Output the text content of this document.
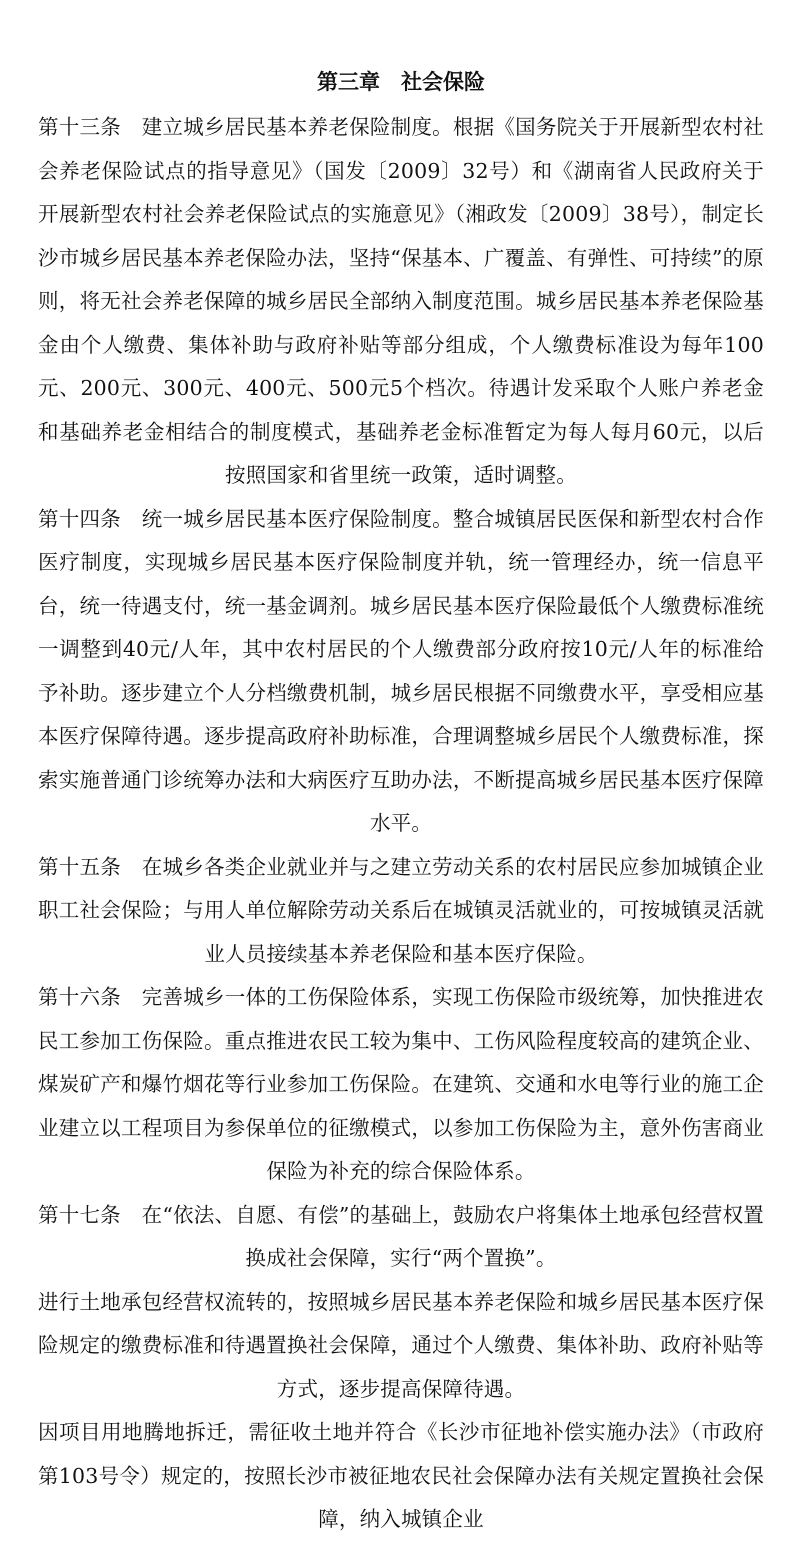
第三章　社会保险

第十三条　建立城乡居民基本养老保险制度。根据《国务院关于开展新型农村社会养老保险试点的指导意见》（国发〔2009〕32号）和《湖南省人民政府关于开展新型农村社会养老保险试点的实施意见》（湘政发〔2009〕38号），制定长沙市城乡居民基本养老保险办法，坚持“保基本、广覆盖、有弹性、可持续”的原则，将无社会养老保障的城乡居民全部纳入制度范围。城乡居民基本养老保险基金由个人缴费、集体补助与政府补贴等部分组成，个人缴费标准设为每年100元、200元、300元、400元、500元5个档次。待遇计发采取个人账户养老金和基础养老金相结合的制度模式，基础养老金标准暂定为每人每月60元，以后按照国家和省里统一政策，适时调整。

第十四条　统一城乡居民基本医疗保险制度。整合城镇居民医保和新型农村合作医疗制度，实现城乡居民基本医疗保险制度并轨，统一管理经办，统一信息平台，统一待遇支付，统一基金调剂。城乡居民基本医疗保险最低个人缴费标准统一调整到40元/人年，其中农村居民的个人缴费部分政府按10元/人年的标准给予补助。逐步建立个人分档缴费机制，城乡居民根据不同缴费水平，享受相应基本医疗保障待遇。逐步提高政府补助标准，合理调整城乡居民个人缴费标准，探索实施普通门诊统筹办法和大病医疗互助办法，不断提高城乡居民基本医疗保障水平。

第十五条　在城乡各类企业就业并与之建立劳动关系的农村居民应参加城镇企业职工社会保险；与用人单位解除劳动关系后在城镇灵活就业的，可按城镇灵活就业人员接续基本养老保险和基本医疗保险。

第十六条　完善城乡一体的工伤保险体系，实现工伤保险市级统筹，加快推进农民工参加工伤保险。重点推进农民工较为集中、工伤风险程度较高的建筑企业、煤炭矿产和爆竹烟花等行业参加工伤保险。在建筑、交通和水电等行业的施工企业建立以工程项目为参保单位的征缴模式，以参加工伤保险为主，意外伤害商业保险为补充的综合保险体系。

第十七条　在“依法、自愿、有偿”的基础上，鼓励农户将集体土地承包经营权置换成社会保障，实行“两个置换”。

进行土地承包经营权流转的，按照城乡居民基本养老保险和城乡居民基本医疗保险规定的缴费标准和待遇置换社会保障，通过个人缴费、集体补助、政府补贴等方式，逐步提高保障待遇。

因项目用地腾地拆迁，需征收土地并符合《长沙市征地补偿实施办法》（市政府第103号令）规定的，按照长沙市被征地农民社会保障办法有关规定置换社会保障，纳入城镇企业
